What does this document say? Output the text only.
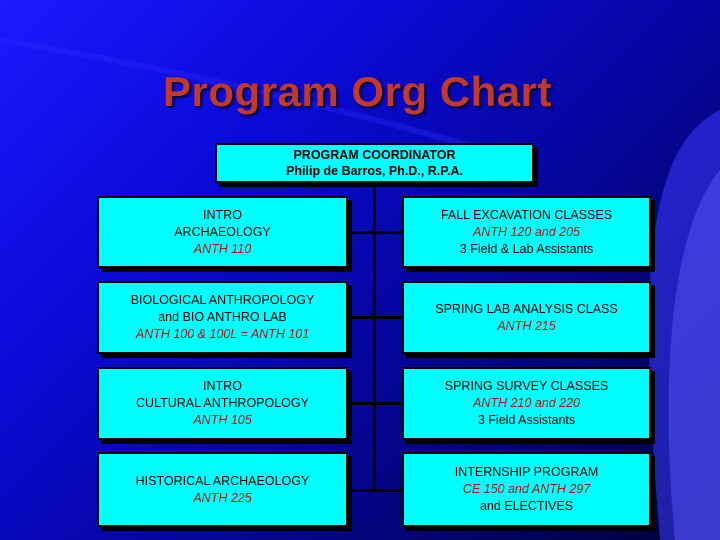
Program Org Chart
PROGRAM COORDINATOR
Philip de Barros, Ph.D., R.P.A.
INTRO
ARCHAEOLOGY
ANTH 110
BIOLOGICAL ANTHROPOLOGY
and BIO ANTHRO LAB
ANTH 100 & 100L = ANTH 101
INTRO
CULTURAL ANTHROPOLOGY
ANTH 105
HISTORICAL ARCHAEOLOGY
ANTH 225
FALL EXCAVATION CLASSES
ANTH 120 and 205
3 Field & Lab Assistants
SPRING LAB ANALYSIS CLASS
ANTH 215
SPRING SURVEY CLASSES
ANTH 210 and 220
3 Field Assistants
INTERNSHIP PROGRAM
CE 150 and ANTH 297
and ELECTIVES
